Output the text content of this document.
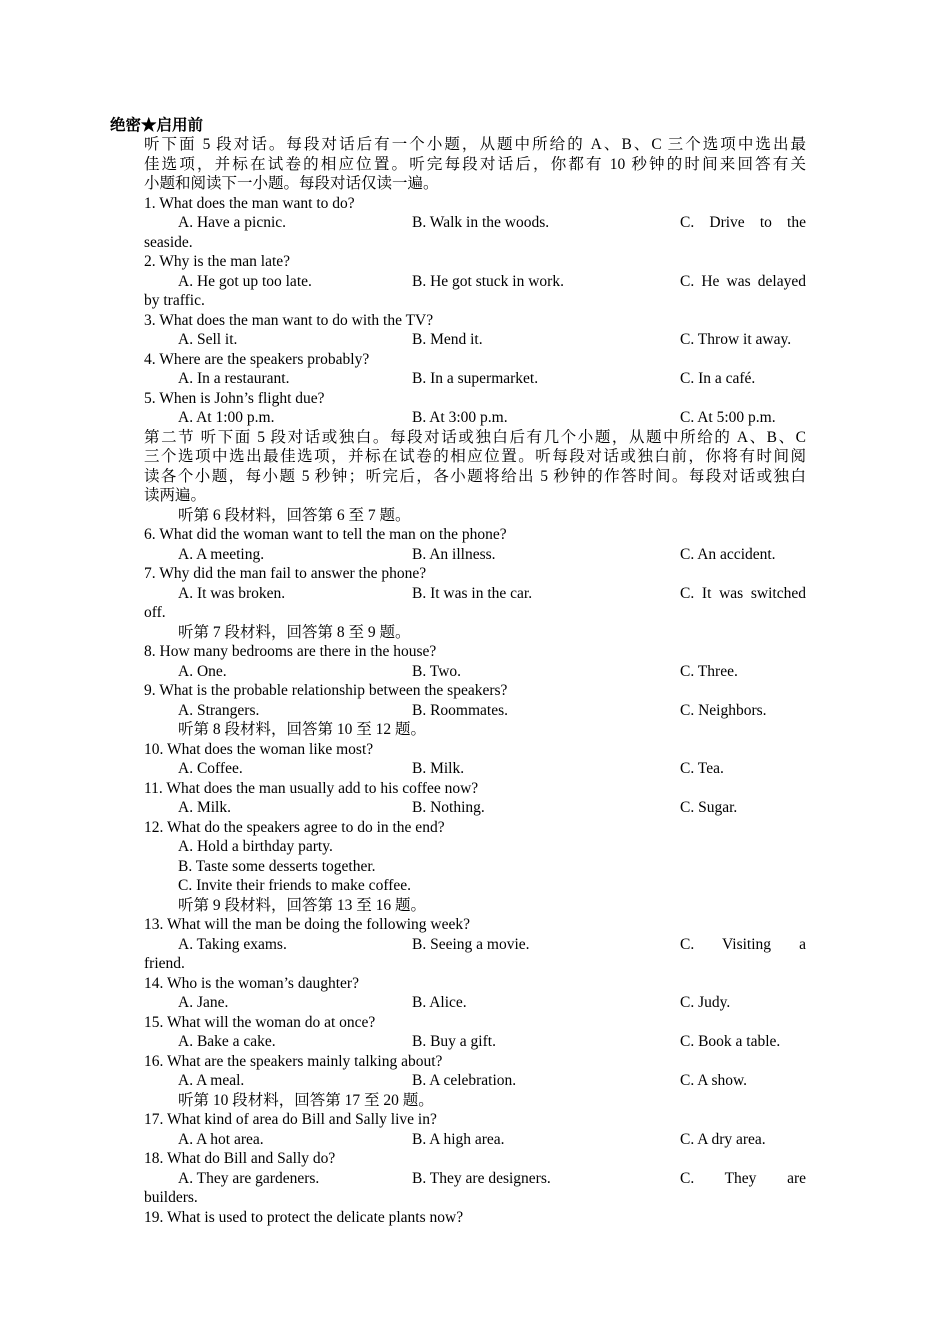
绝密★启用前
听下面 5 段对话。每段对话后有一个小题，从题中所给的 A、B、C 三个选项中选出最
佳选项，并标在试卷的相应位置。听完每段对话后，你都有 10 秒钟的时间来回答有关
小题和阅读下一小题。每段对话仅读一遍。
1. What does the man want to do?
A. Have a picnic.	B. Walk in the woods.	C. Drive to the
seaside.
2. Why is the man late?
A. He got up too late.	B. He got stuck in work.	C. He was delayed
by traffic.
3. What does the man want to do with the TV?
A. Sell it.	B. Mend it.	C. Throw it away.
4. Where are the speakers probably?
A. In a restaurant.	B. In a supermarket.	C. In a café.
5. When is John’s flight due?
A. At 1:00 p.m.	B. At 3:00 p.m.	C. At 5:00 p.m.
第二节 听下面 5 段对话或独白。每段对话或独白后有几个小题，从题中所给的 A、B、C
三个选项中选出最佳选项，并标在试卷的相应位置。听每段对话或独白前，你将有时间阅
读各个小题，每小题 5 秒钟；听完后，各小题将给出 5 秒钟的作答时间。每段对话或独白
读两遍。
听第 6 段材料，回答第 6 至 7 题。
6. What did the woman want to tell the man on the phone?
A. A meeting.	B. An illness.	C. An accident.
7. Why did the man fail to answer the phone?
A. It was broken.	B. It was in the car.	C. It was switched
off.
听第 7 段材料，回答第 8 至 9 题。
8. How many bedrooms are there in the house?
A. One.	B. Two.	C. Three.
9. What is the probable relationship between the speakers?
A. Strangers.	B. Roommates.	C. Neighbors.
听第 8 段材料，回答第 10 至 12 题。
10. What does the woman like most?
A. Coffee.	B. Milk.	C. Tea.
11. What does the man usually add to his coffee now?
A. Milk.	B. Nothing.	C. Sugar.
12. What do the speakers agree to do in the end?
A. Hold a birthday party.
B. Taste some desserts together.
C. Invite their friends to make coffee.
听第 9 段材料，回答第 13 至 16 题。
13. What will the man be doing the following week?
A. Taking exams.	B. Seeing a movie.	C. Visiting a
friend.
14. Who is the woman’s daughter?
A. Jane.	B. Alice.	C. Judy.
15. What will the woman do at once?
A. Bake a cake.	B. Buy a gift.	C. Book a table.
16. What are the speakers mainly talking about?
A. A meal.	B. A celebration.	C. A show.
听第 10 段材料，回答第 17 至 20 题。
17. What kind of area do Bill and Sally live in?
A. A hot area.	B. A high area.	C. A dry area.
18. What do Bill and Sally do?
A. They are gardeners.	B. They are designers.	C. They are
builders.
19. What is used to protect the delicate plants now?
